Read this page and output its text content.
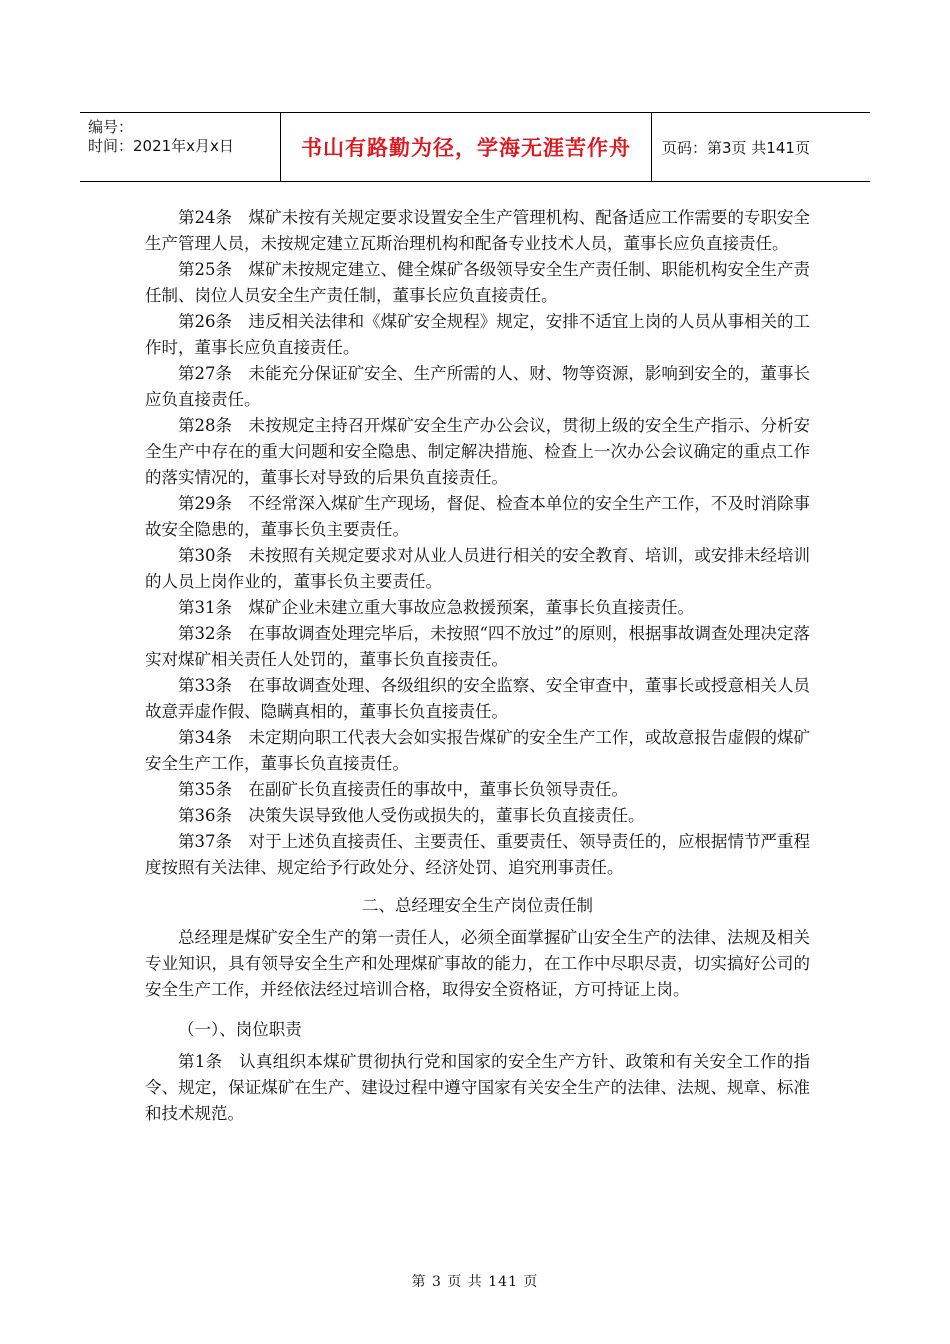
编号：
时间：2021年x月x日	书山有路勤为径，学海无涯苦作舟	页码：第3页 共141页

第24条　煤矿未按有关规定要求设置安全生产管理机构、配备适应工作需要的专职安全生产管理人员，未按规定建立瓦斯治理机构和配备专业技术人员，董事长应负直接责任。

第25条　煤矿未按规定建立、健全煤矿各级领导安全生产责任制、职能机构安全生产责任制、岗位人员安全生产责任制，董事长应负直接责任。

第26条　违反相关法律和《煤矿安全规程》规定，安排不适宜上岗的人员从事相关的工作时，董事长应负直接责任。

第27条　未能充分保证矿安全、生产所需的人、财、物等资源，影响到安全的，董事长应负直接责任。

第28条　未按规定主持召开煤矿安全生产办公会议，贯彻上级的安全生产指示、分析安全生产中存在的重大问题和安全隐患、制定解决措施、检查上一次办公会议确定的重点工作的落实情况的，董事长对导致的后果负直接责任。

第29条　不经常深入煤矿生产现场，督促、检查本单位的安全生产工作，不及时消除事故安全隐患的，董事长负主要责任。

第30条　未按照有关规定要求对从业人员进行相关的安全教育、培训，或安排未经培训的人员上岗作业的，董事长负主要责任。

第31条　煤矿企业未建立重大事故应急救援预案，董事长负直接责任。

第32条　在事故调查处理完毕后，未按照“四不放过”的原则，根据事故调查处理决定落实对煤矿相关责任人处罚的，董事长负直接责任。

第33条　在事故调查处理、各级组织的安全监察、安全审查中，董事长或授意相关人员故意弄虚作假、隐瞒真相的，董事长负直接责任。

第34条　未定期向职工代表大会如实报告煤矿的安全生产工作，或故意报告虚假的煤矿安全生产工作，董事长负直接责任。

第35条　在副矿长负直接责任的事故中，董事长负领导责任。

第36条　决策失误导致他人受伤或损失的，董事长负直接责任。

第37条　对于上述负直接责任、主要责任、重要责任、领导责任的，应根据情节严重程度按照有关法律、规定给予行政处分、经济处罚、追究刑事责任。

二、总经理安全生产岗位责任制

总经理是煤矿安全生产的第一责任人，必须全面掌握矿山安全生产的法律、法规及相关专业知识，具有领导安全生产和处理煤矿事故的能力，在工作中尽职尽责，切实搞好公司的安全生产工作，并经依法经过培训合格，取得安全资格证，方可持证上岗。

（一）、岗位职责

第1条　认真组织本煤矿贯彻执行党和国家的安全生产方针、政策和有关安全工作的指令、规定，保证煤矿在生产、建设过程中遵守国家有关安全生产的法律、法规、规章、标准和技术规范。

第 3 页 共 141 页
